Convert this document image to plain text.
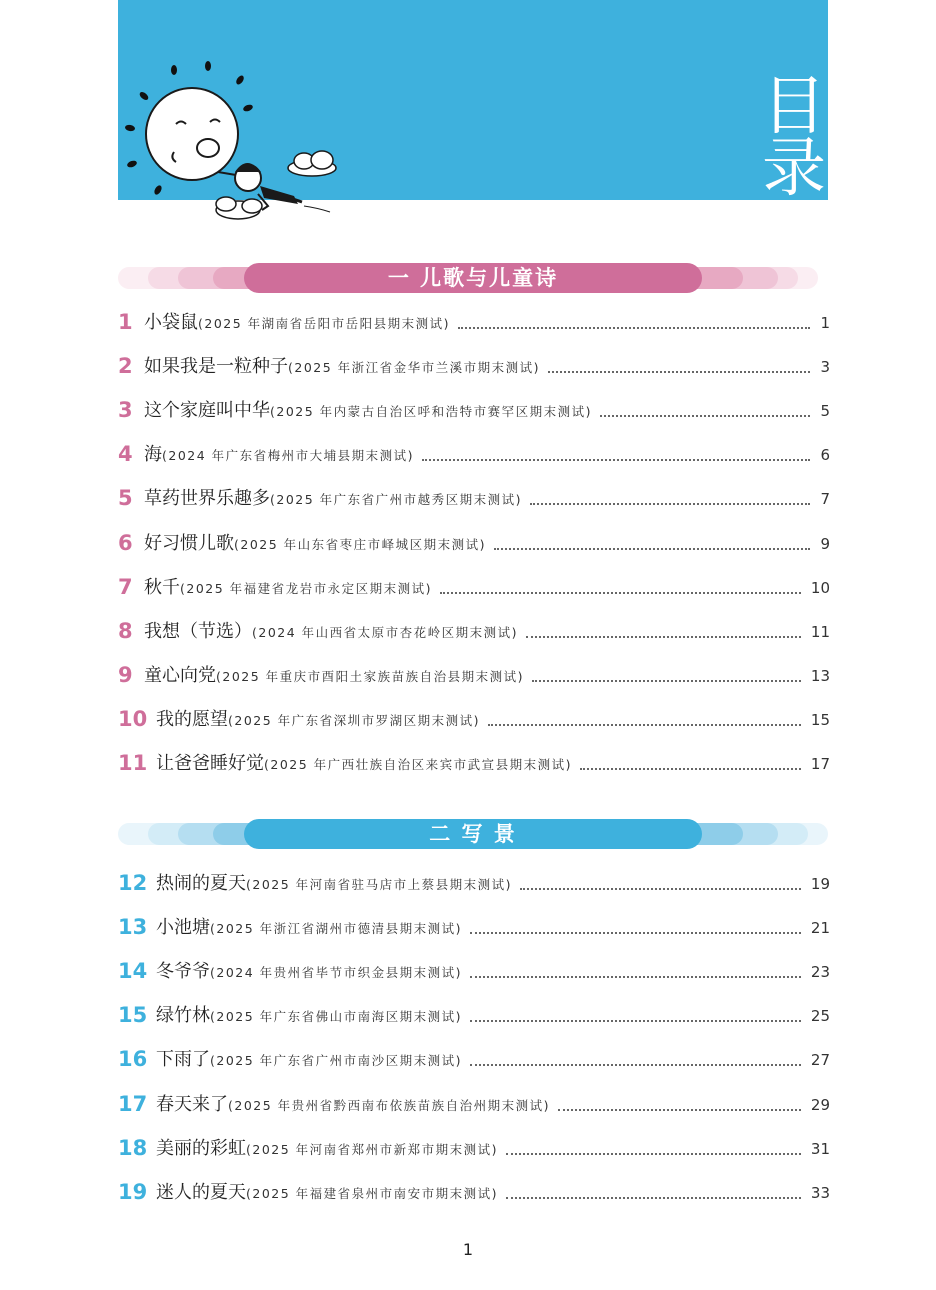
目
录
一 儿歌与儿童诗
1 小袋鼠 (2025 年湖南省岳阳市岳阳县期末测试)	1
2 如果我是一粒种子 (2025 年浙江省金华市兰溪市期末测试)	3
3 这个家庭叫中华 (2025 年内蒙古自治区呼和浩特市赛罕区期末测试)	5
4 海 (2024 年广东省梅州市大埔县期末测试)	6
5 草药世界乐趣多 (2025 年广东省广州市越秀区期末测试)	7
6 好习惯儿歌 (2025 年山东省枣庄市峄城区期末测试)	9
7 秋千 (2025 年福建省龙岩市永定区期末测试)	10
8 我想（节选） (2024 年山西省太原市杏花岭区期末测试)	11
9 童心向党 (2025 年重庆市酉阳土家族苗族自治县期末测试)	13
10 我的愿望 (2025 年广东省深圳市罗湖区期末测试)	15
11 让爸爸睡好觉 (2025 年广西壮族自治区来宾市武宣县期末测试)	17
二 写 景
12 热闹的夏天 (2025 年河南省驻马店市上蔡县期末测试)	19
13 小池塘 (2025 年浙江省湖州市德清县期末测试)	21
14 冬爷爷 (2024 年贵州省毕节市织金县期末测试)	23
15 绿竹林 (2025 年广东省佛山市南海区期末测试)	25
16 下雨了 (2025 年广东省广州市南沙区期末测试)	27
17 春天来了 (2025 年贵州省黔西南布依族苗族自治州期末测试)	29
18 美丽的彩虹 (2025 年河南省郑州市新郑市期末测试)	31
19 迷人的夏天 (2025 年福建省泉州市南安市期末测试)	33
1
